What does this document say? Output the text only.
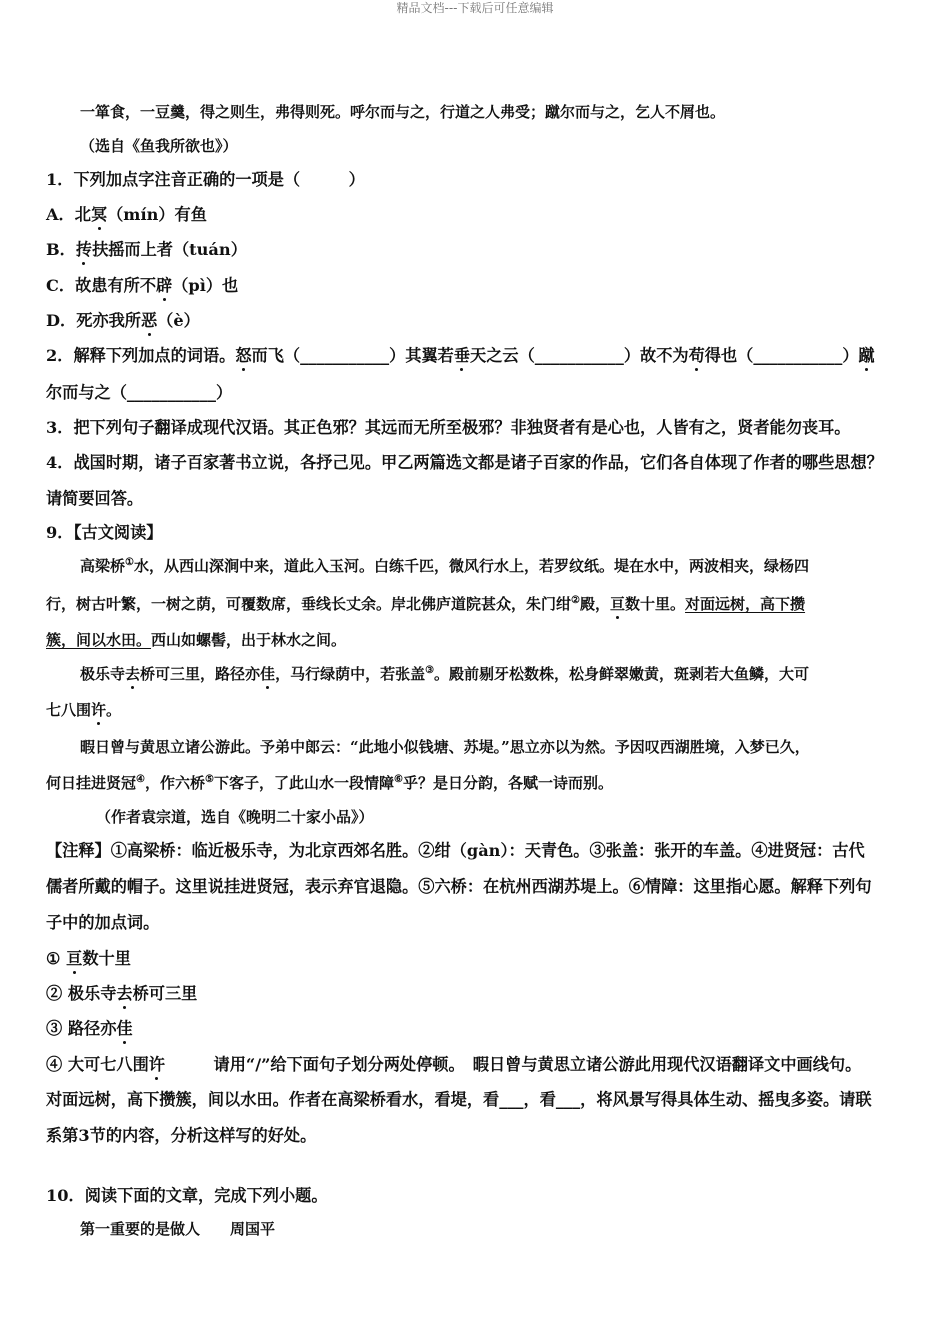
精品文档---下载后可任意编辑
一箪食，一豆羹，得之则生，弗得则死。呼尔而与之，行道之人弗受；蹴尔而与之，乞人不屑也。
（选自《鱼我所欲也》）
1．下列加点字注音正确的一项是（　　　）
A．北冥（mín）有鱼
B．抟扶摇而上者（tuán）
C．故患有所不辟（pì）也
D．死亦我所恶（è）
2．解释下列加点的词语。怒而飞（___________）其翼若垂天之云（___________）故不为苟得也（___________）蹴
尔而与之（___________）
3．把下列句子翻译成现代汉语。其正色邪？其远而无所至极邪？非独贤者有是心也，人皆有之，贤者能勿丧耳。
4．战国时期，诸子百家著书立说，各抒己见。甲乙两篇选文都是诸子百家的作品，它们各自体现了作者的哪些思想？
请简要回答。
9．【古文阅读】
高梁桥①水，从西山深涧中来，道此入玉河。白练千匹，微风行水上，若罗纹纸。堤在水中，两波相夹，绿杨四
行，树古叶繁，一树之荫，可覆数席，垂线长丈余。岸北佛庐道院甚众，朱门绀②殿，亘数十里。对面远树，高下攒
簇，间以水田。西山如螺髻，出于林水之间。
极乐寺去桥可三里，路径亦佳，马行绿荫中，若张盖③。殿前剔牙松数株，松身鲜翠嫩黄，斑剥若大鱼鳞，大可
七八围许。
暇日曾与黄思立诸公游此。予弟中郎云：“此地小似钱塘、苏堤。”思立亦以为然。予因叹西湖胜境，入梦已久，
何日挂进贤冠④，作六桥⑤下客子，了此山水一段情障⑥乎？是日分韵，各赋一诗而别。
（作者袁宗道，选自《晚明二十家小品》）
【注释】①高梁桥：临近极乐寺，为北京西郊名胜。②绀（gàn）：天青色。③张盖：张开的车盖。④进贤冠：古代
儒者所戴的帽子。这里说挂进贤冠，表示弃官退隐。⑤六桥：在杭州西湖苏堤上。⑥情障：这里指心愿。解释下列句
子中的加点词。
① 亘数十里
② 极乐寺去桥可三里
③ 路径亦佳
④ 大可七八围许　　　请用“/”给下面句子划分两处停顿。　暇日曾与黄思立诸公游此用现代汉语翻译文中画线句。
对面远树，高下攒簇，间以水田。作者在高梁桥看水，看堤，看___，看___，将风景写得具体生动、摇曳多姿。请联
系第3节的内容，分析这样写的好处。
10．阅读下面的文章，完成下列小题。
第一重要的是做人　　周国平
